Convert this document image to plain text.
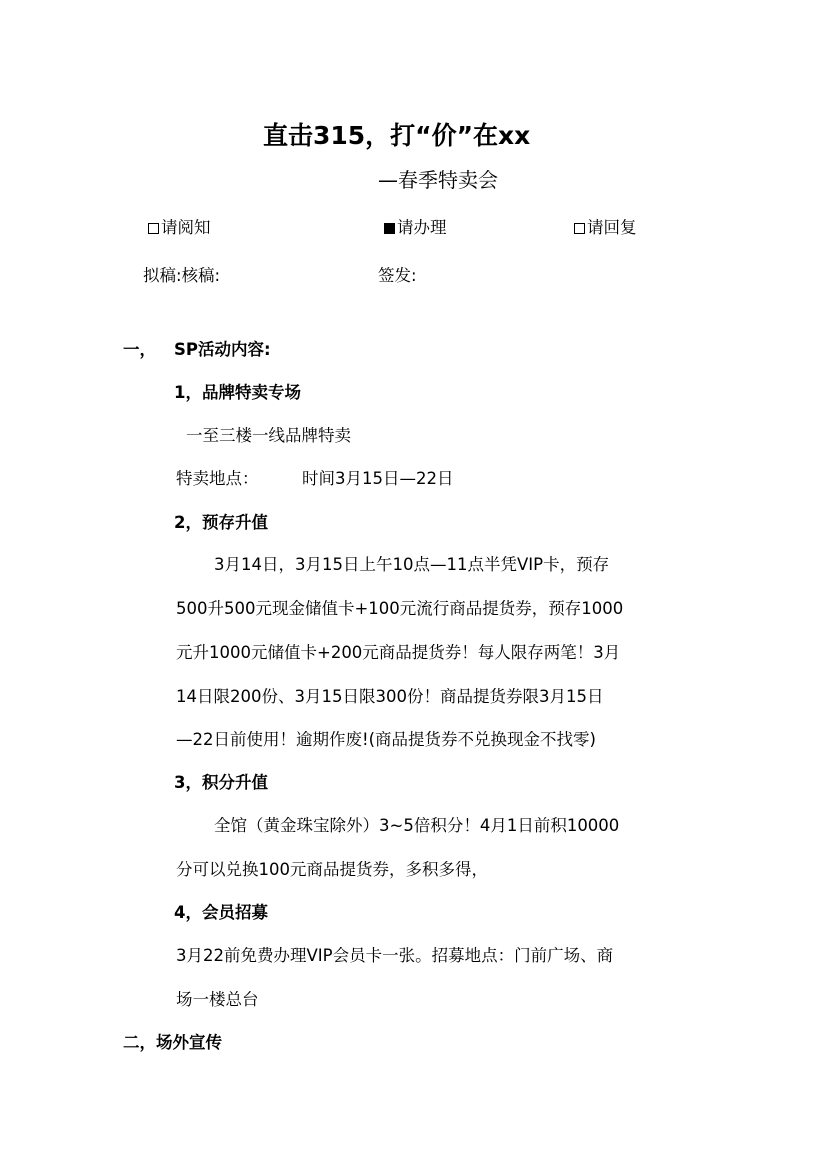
直击315，打“价”在xx
—春季特卖会
请阅知	请办理	请回复
拟稿:核稿:	签发:
一， SP活动内容:
1，品牌特卖专场
一至三楼一线品牌特卖
特卖地点：	时间3月15日—22日
2，预存升值
3月14日，3月15日上午10点—11点半凭VIP卡，预存
500升500元现金储值卡+100元流行商品提货券，预存1000
元升1000元储值卡+200元商品提货券！每人限存两笔！3月
14日限200份、3月15日限300份！商品提货券限3月15日
—22日前使用！逾期作废!(商品提货券不兑换现金不找零)
3，积分升值
全馆（黄金珠宝除外）3~5倍积分！4月1日前积10000
分可以兑换100元商品提货券，多积多得，
4，会员招募
3月22前免费办理VIP会员卡一张。招募地点：门前广场、商
场一楼总台
二，场外宣传
